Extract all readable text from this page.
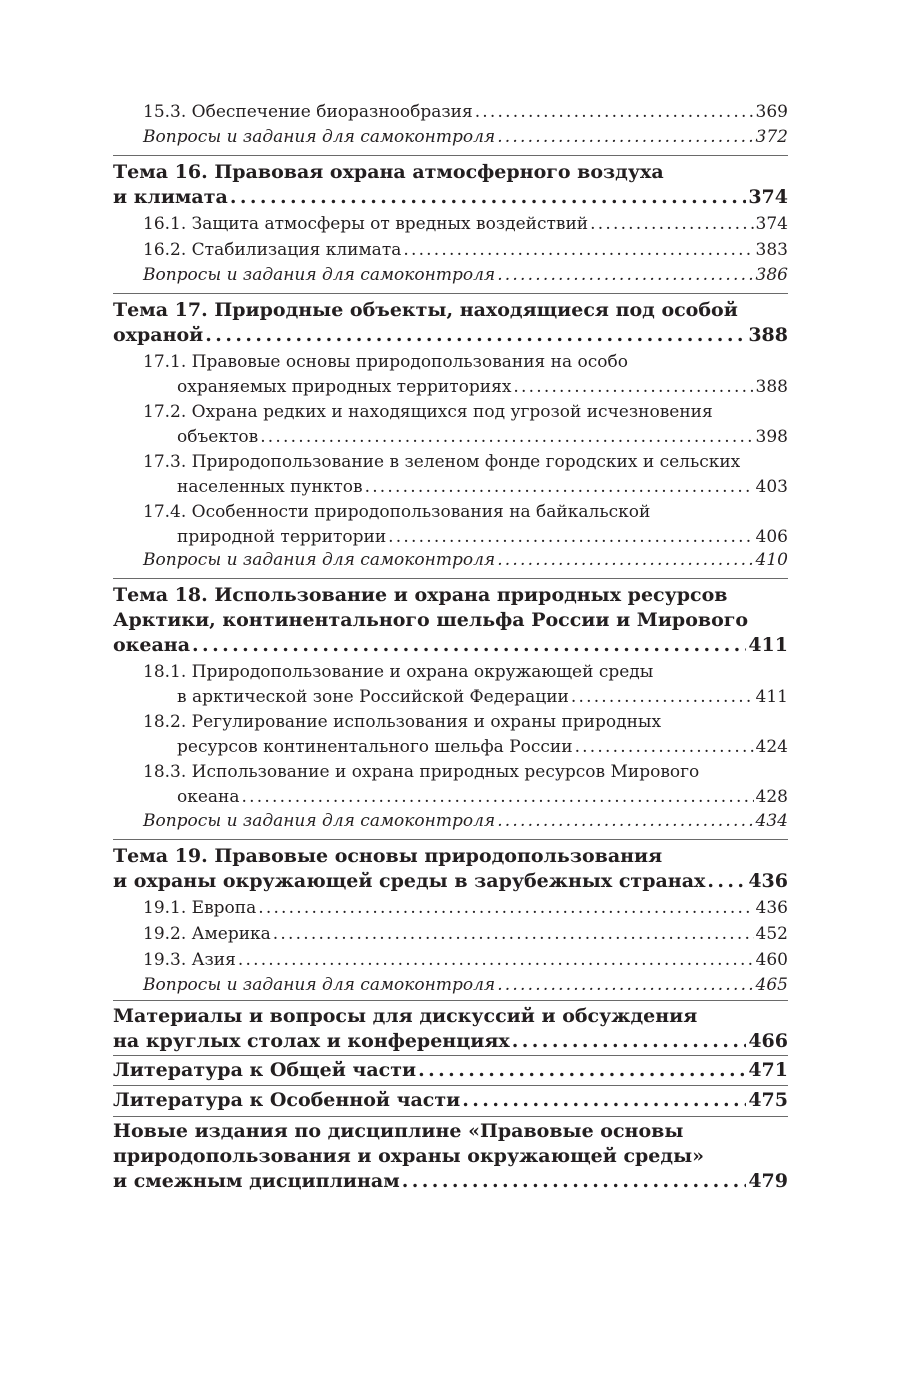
15.3. Обеспечение биоразнообразия . . .	369
Вопросы и задания для самоконтроля . . .	372
Тема 16. Правовая охрана атмосферного воздуха
и климата . . .	374
16.1. Защита атмосферы от вредных воздействий . . .	374
16.2. Стабилизация климата . . .	383
Вопросы и задания для самоконтроля . . .	386
Тема 17. Природные объекты, находящиеся под особой
охраной . . .	388
17.1. Правовые основы природопользования на особо
охраняемых природных территориях . . .	388
17.2. Охрана редких и находящихся под угрозой исчезновения
объектов . . .	398
17.3. Природопользование в зеленом фонде городских и сельских
населенных пунктов . . .	403
17.4. Особенности природопользования на байкальской
природной территории . . .	406
Вопросы и задания для самоконтроля . . .	410
Тема 18. Использование и охрана природных ресурсов
Арктики, континентального шельфа России и Мирового
океана . . .	411
18.1. Природопользование и охрана окружающей среды
в арктической зоне Российской Федерации . . .	411
18.2. Регулирование использования и охраны природных
ресурсов континентального шельфа России . . .	424
18.3. Использование и охрана природных ресурсов Мирового
океана . . .	428
Вопросы и задания для самоконтроля . . .	434
Тема 19. Правовые основы природопользования
и охраны окружающей среды в зарубежных странах . . . 436
19.1. Европа . . .	436
19.2. Америка . . .	452
19.3. Азия . . .	460
Вопросы и задания для самоконтроля . . .	465
Материалы и вопросы для дискуссий и обсуждения
на круглых столах и конференциях . . .	466
Литература к Общей части . . .	471
Литература к Особенной части . . .	475
Новые издания по дисциплине «Правовые основы
природопользования и охраны окружающей среды»
и смежным дисциплинам . . .	479
